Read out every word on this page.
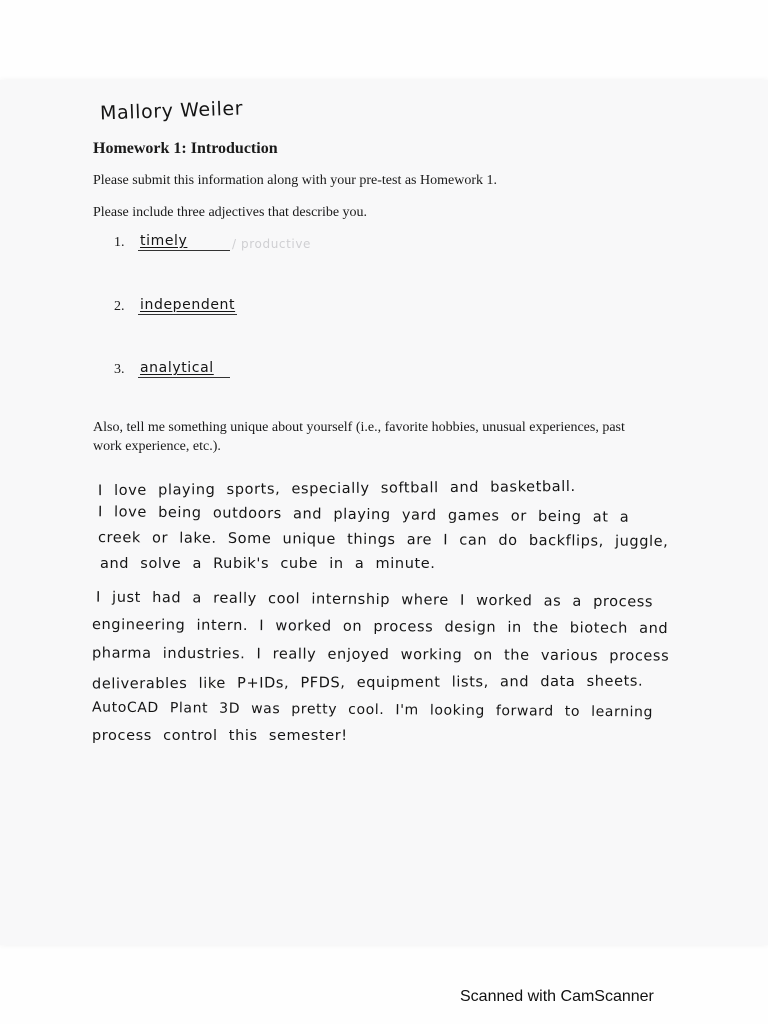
Mallory Weiler
Homework 1: Introduction
Please submit this information along with your pre-test as Homework 1.
Please include three adjectives that describe you.
1.	timely	/ productive
2.	independent
3.	analytical
Also, tell me something unique about yourself (i.e., favorite hobbies, unusual experiences, past work experience, etc.).
I love playing sports, especially softball and basketball.
I love being outdoors and playing yard games or being at a
creek or lake. Some unique things are I can do backflips, juggle,
and solve a Rubik's cube in a minute.
I just had a really cool internship where I worked as a process
engineering intern. I worked on process design in the biotech and
pharma industries. I really enjoyed working on the various process
deliverables like P+IDs, PFDS, equipment lists, and data sheets.
AutoCAD Plant 3D was pretty cool. I'm looking forward to learning
process control this semester!
Scanned with CamScanner
